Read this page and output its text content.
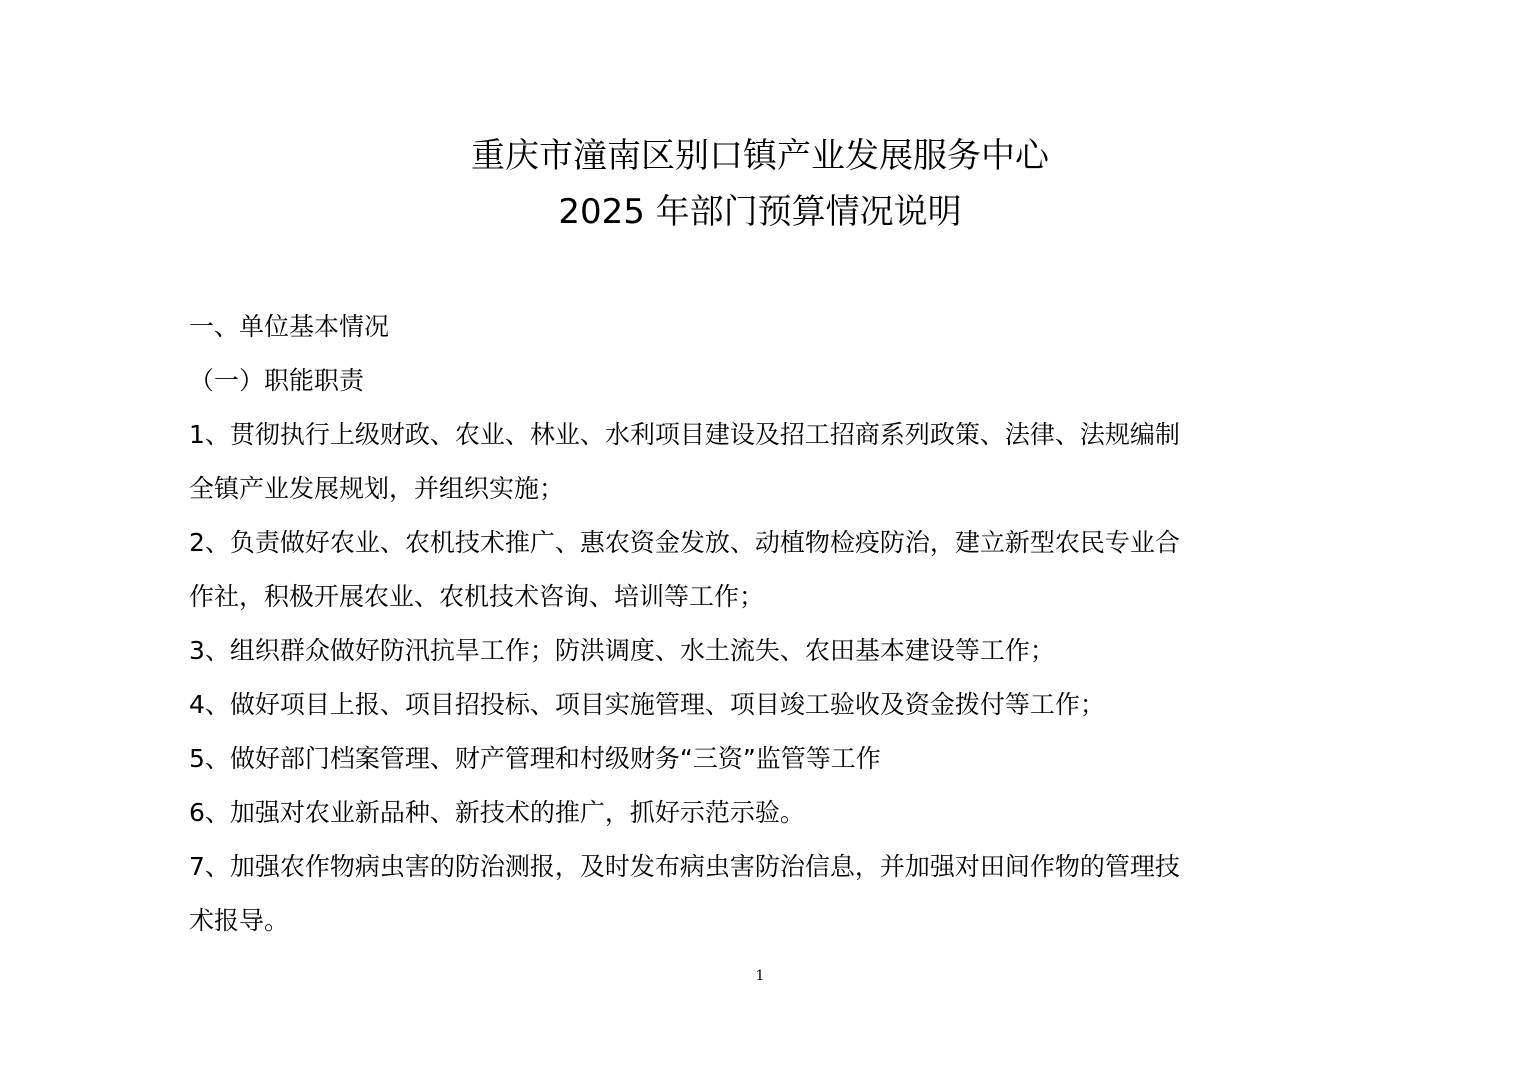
重庆市潼南区别口镇产业发展服务中心
2025 年部门预算情况说明
一、单位基本情况
（一）职能职责
1、贯彻执行上级财政、农业、林业、水利项目建设及招工招商系列政策、法律、法规编制
全镇产业发展规划，并组织实施；
2、负责做好农业、农机技术推广、惠农资金发放、动植物检疫防治，建立新型农民专业合
作社，积极开展农业、农机技术咨询、培训等工作；
3、组织群众做好防汛抗旱工作；防洪调度、水土流失、农田基本建设等工作；
4、做好项目上报、项目招投标、项目实施管理、项目竣工验收及资金拨付等工作；
5、做好部门档案管理、财产管理和村级财务“三资”监管等工作
6、加强对农业新品种、新技术的推广，抓好示范示验。
7、加强农作物病虫害的防治测报，及时发布病虫害防治信息，并加强对田间作物的管理技
术报导。
1
